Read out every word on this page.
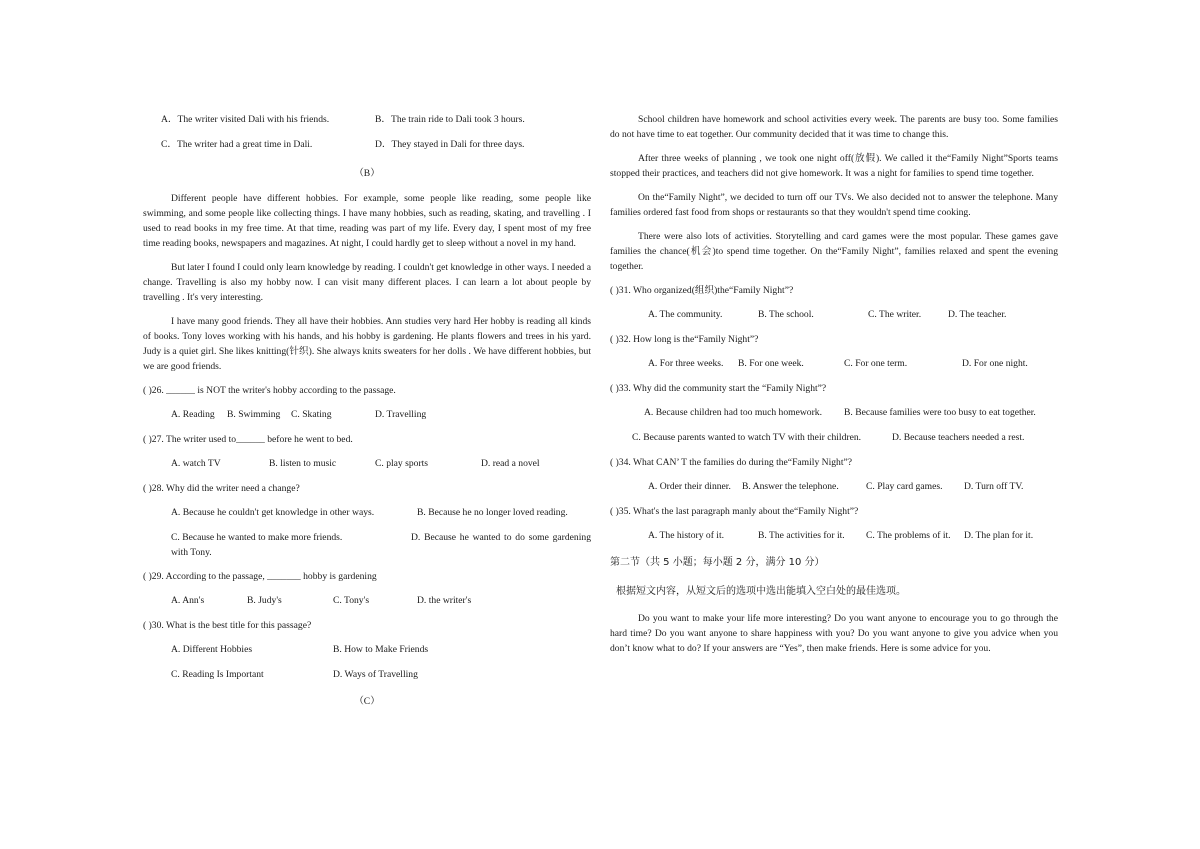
A．The writer visited Dali with his friends.	B．The train ride to Dali took 3 hours.
C．The writer had a great time in Dali.	D．They stayed in Dali for three days.
（B）

Different people have different hobbies. For example, some people like reading, some people like swimming, and some people like collecting things. I have many hobbies, such as reading, skating, and travelling . I used to read books in my free time. At that time, reading was part of my life. Every day, I spent most of my free time reading books, newspapers and magazines. At night, I could hardly get to sleep without a novel in my hand.

But later I found I could only learn knowledge by reading. I couldn't get knowledge in other ways. I needed a change. Travelling is also my hobby now. I can visit many different places. I can learn a lot about people by travelling . It's very interesting.

I have many good friends. They all have their hobbies. Ann studies very hard Her hobby is reading all kinds of books. Tony loves working with his hands, and his hobby is gardening. He plants flowers and trees in his yard. Judy is a quiet girl. She likes knitting(针织). She always knits sweaters for her dolls . We have different hobbies, but we are good friends.

( )26. ______ is NOT the writer's hobby according to the passage.
A. Reading	B. Swimming	C. Skating	D. Travelling
( )27. The writer used to______ before he went to bed.
A. watch TV	B. listen to music	C. play sports	D. read a novel
( )28. Why did the writer need a change?
A. Because he couldn't get knowledge in other ways.	B. Because he no longer loved reading.
C. Because he wanted to make more friends.	D. Because he wanted to do some gardening with Tony.
( )29. According to the passage, _______ hobby is gardening
A. Ann's	B. Judy's	C. Tony's	D. the writer's
( )30. What is the best title for this passage?
A. Different Hobbies	B. How to Make Friends
C. Reading Is Important	D. Ways of Travelling
（C）

School children have homework and school activities every week. The parents are busy too. Some families do not have time to eat together. Our community decided that it was time to change this.

After three weeks of planning , we took one night off(放假). We called it the“Family Night”Sports teams stopped their practices, and teachers did not give homework. It was a night for families to spend time together.

On the“Family Night”, we decided to turn off our TVs. We also decided not to answer the telephone. Many families ordered fast food from shops or restaurants so that they wouldn't spend time cooking.

There were also lots of activities. Storytelling and card games were the most popular. These games gave families the chance(机会)to spend time together. On the“Family Night”, families relaxed and spent the evening together.

( )31. Who organized(组织)the“Family Night”?
A. The community.	B. The school.	C. The writer.	D. The teacher.
( )32. How long is the“Family Night”?
A. For three weeks.	B. For one week.	C. For one term.	D. For one night.
( )33. Why did the community start the “Family Night”?
A. Because children had too much homework.	B. Because families were too busy to eat together.
C. Because parents wanted to watch TV with their children.	D. Because teachers needed a rest.
( )34. What CAN’ T the families do during the“Family Night”?
A. Order their dinner.	B. Answer the telephone.	C. Play card games.	D. Turn off TV.
( )35. What's the last paragraph manly about the“Family Night”?
A. The history of it.	B. The activities for it.	C. The problems of it.	D. The plan for it.
第二节（共 5 小题；每小题 2 分，满分 10 分）
根据短文内容，从短文后的选项中选出能填入空白处的最佳选项。

Do you want to make your life more interesting? Do you want anyone to encourage you to go through the hard time? Do you want anyone to share happiness with you? Do you want anyone to give you advice when you don’t know what to do? If your answers are “Yes”, then make friends. Here is some advice for you.
